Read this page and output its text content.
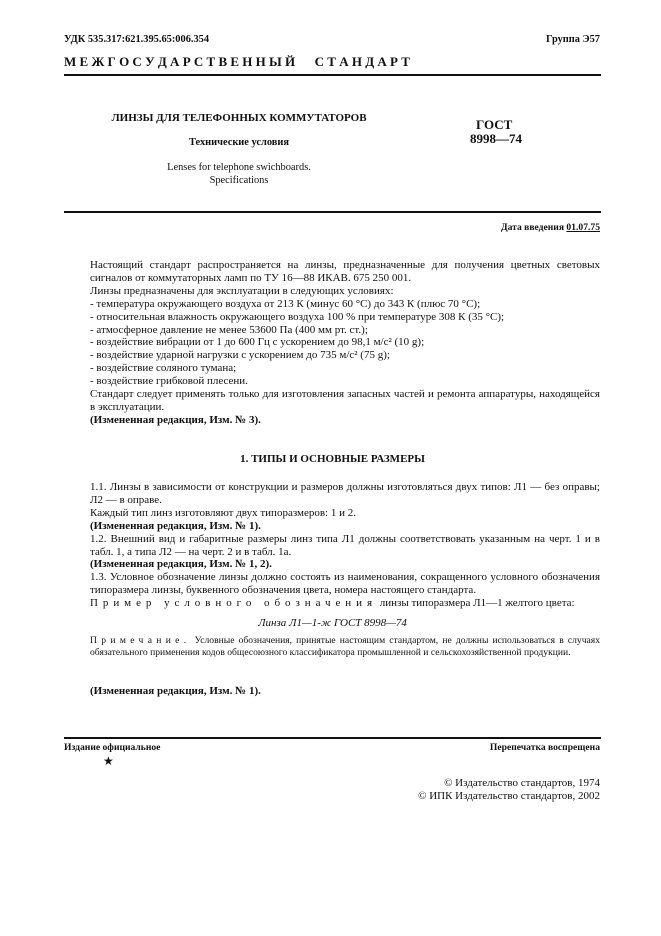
УДК 535.317:621.395.65:006.354	Группа Э57
М Е Ж Г О С У Д А Р С Т В Е Н Н Ы Й      С Т А Н Д А Р Т
ЛИНЗЫ ДЛЯ ТЕЛЕФОННЫХ КОММУТАТОРОВ
Технические условия
Lenses for telephone swichboards.
Specifications
ГОСТ
8998—74
Дата введения 01.07.75

Настоящий стандарт распространяется на линзы, предназначенные для получения цветных световых сигналов от коммутаторных ламп по ТУ 16—88 ИКАВ. 675 250 001.

Линзы предназначены для эксплуатации в следующих условиях:

- температура окружающего воздуха от 213 К (минус 60 °С) до 343 К (плюс 70 °С);

- относительная влажность окружающего воздуха 100 % при температуре 308 К (35 °С);

- атмосферное давление не менее 53600 Па (400 мм рт. ст.);

- воздействие вибрации от 1 до 600 Гц с ускорением до 98,1 м/с² (10 g);

- воздействие ударной нагрузки с ускорением до 735 м/с² (75 g);

- воздействие соляного тумана;

- воздействие грибковой плесени.

Стандарт следует применять только для изготовления запасных частей и ремонта аппаратуры, находящейся в эксплуатации.

(Измененная редакция, Изм. № 3).

1. ТИПЫ И ОСНОВНЫЕ РАЗМЕРЫ

1.1. Линзы в зависимости от конструкции и размеров должны изготовляться двух типов: Л1 — без оправы; Л2 — в оправе.

Каждый тип линз изготовляют двух типоразмеров: 1 и 2.

(Измененная редакция, Изм. № 1).

1.2. Внешний вид и габаритные размеры линз типа Л1 должны соответствовать указанным на черт. 1 и в табл. 1, а типа Л2 — на черт. 2 и в табл. 1а.

(Измененная редакция, Изм. № 1, 2).

1.3. Условное обозначение линзы должно состоять из наименования, сокращенного условного обозначения типоразмера линзы, буквенного обозначения цвета, номера настоящего стандарта.

Пример условного обозначения линзы типоразмера Л1—1 желтого цвета:

Линза Л1—1-ж ГОСТ 8998—74
Примечание. Условные обозначения, принятые настоящим стандартом, не должны использоваться в случаях обязательного применения кодов общесоюзного классификатора промышленной и сельскохозяйственной продукции.
(Измененная редакция, Изм. № 1).
Издание официальное
★
Перепечатка воспрещена
© Издательство стандартов, 1974
© ИПК Издательство стандартов, 2002
